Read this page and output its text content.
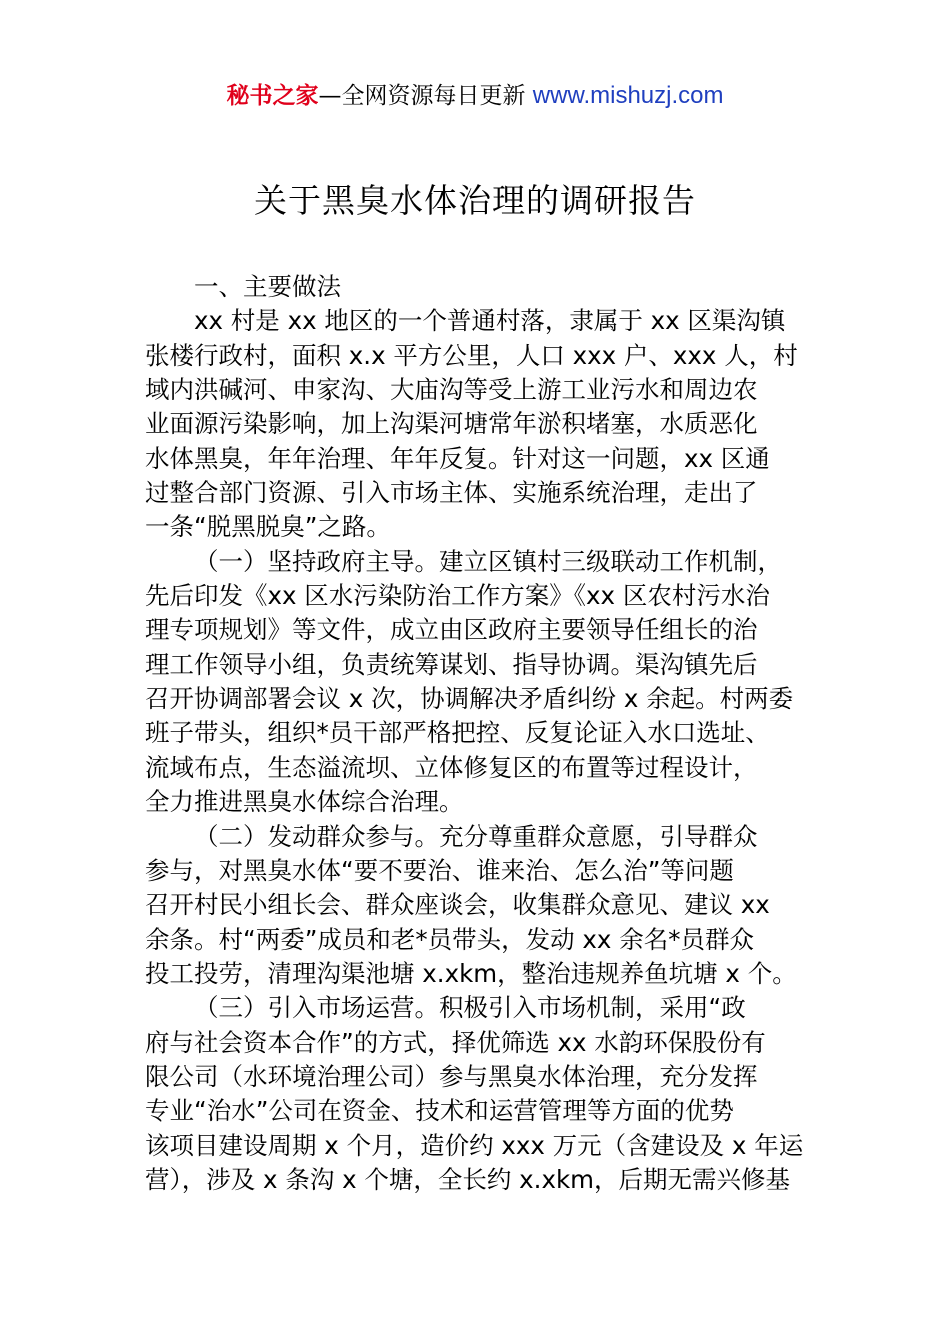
秘书之家—全网资源每日更新 www.mishuzj.com
关于黑臭水体治理的调研报告
一、主要做法
xx 村是 xx 地区的一个普通村落，隶属于 xx 区渠沟镇
张楼行政村，面积 x.x 平方公里，人口 xxx 户、xxx 人，村
域内洪碱河、申家沟、大庙沟等受上游工业污水和周边农
业面源污染影响，加上沟渠河塘常年淤积堵塞，水质恶化
水体黑臭，年年治理、年年反复。针对这一问题，xx 区通
过整合部门资源、引入市场主体、实施系统治理，走出了
一条“脱黑脱臭”之路。
（一）坚持政府主导。建立区镇村三级联动工作机制，
先后印发《xx 区水污染防治工作方案》《xx 区农村污水治
理专项规划》等文件，成立由区政府主要领导任组长的治
理工作领导小组，负责统筹谋划、指导协调。渠沟镇先后
召开协调部署会议 x 次，协调解决矛盾纠纷 x 余起。村两委
班子带头，组织*员干部严格把控、反复论证入水口选址、
流域布点，生态溢流坝、立体修复区的布置等过程设计，
全力推进黑臭水体综合治理。
（二）发动群众参与。充分尊重群众意愿，引导群众
参与，对黑臭水体“要不要治、谁来治、怎么治”等问题
召开村民小组长会、群众座谈会，收集群众意见、建议 xx
余条。村“两委”成员和老*员带头，发动 xx 余名*员群众
投工投劳，清理沟渠池塘 x.xkm，整治违规养鱼坑塘 x 个。
（三）引入市场运营。积极引入市场机制，采用“政
府与社会资本合作”的方式，择优筛选 xx 水韵环保股份有
限公司（水环境治理公司）参与黑臭水体治理，充分发挥
专业“治水”公司在资金、技术和运营管理等方面的优势
该项目建设周期 x 个月，造价约 xxx 万元（含建设及 x 年运
营），涉及 x 条沟 x 个塘，全长约 x.xkm，后期无需兴修基
